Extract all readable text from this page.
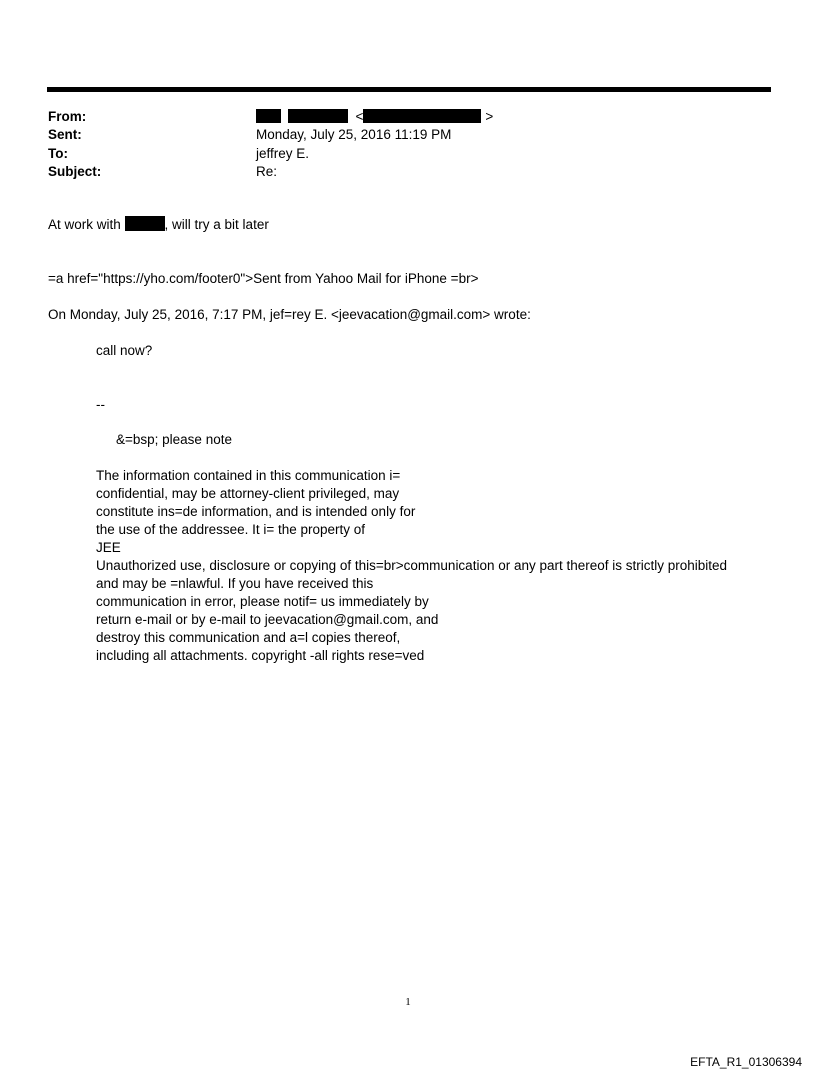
From:	<	>
Sent:	Monday, July 25, 2016 11:19 PM
To:	jeffrey E.
Subject:	Re:
At work with	, will try a bit later
=a href="https://yho.com/footer0">Sent from Yahoo Mail for iPhone =br>
On Monday, July 25, 2016, 7:17 PM, jef=rey E. <jeevacation@gmail.com> wrote:
call now?
--
&=bsp; please note
The information contained in this communication i=
confidential, may be attorney-client privileged, may
constitute ins=de information, and is intended only for
the use of the addressee. It i= the property of
JEE
Unauthorized use, disclosure or copying of this=br>communication or any part thereof is strictly prohibited
and may be =nlawful. If you have received this
communication in error, please notif= us immediately by
return e-mail or by e-mail to jeevacation@gmail.com, and
destroy this communication and a=l copies thereof,
including all attachments. copyright -all rights rese=ved
1
EFTA_R1_01306394
